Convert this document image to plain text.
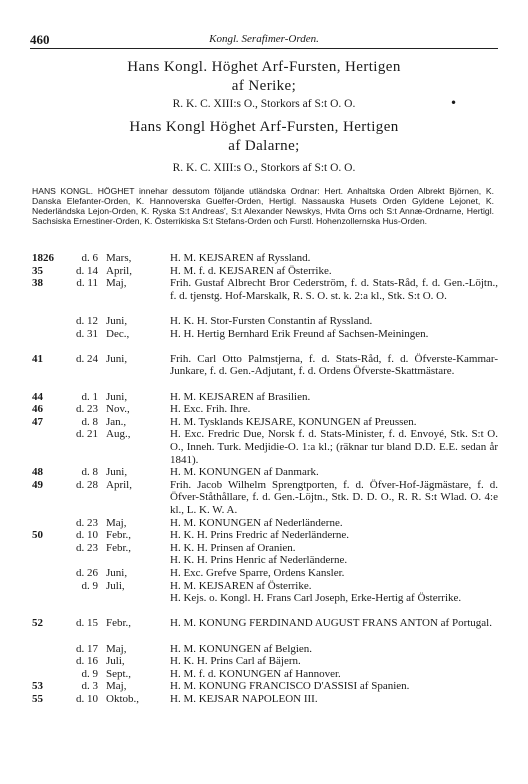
460	Kongl. Serafimer-Orden.
Hans Kongl. Höghet Arf-Fursten, Hertigen
af Nerike;
R. K. C. XIII:s O., Storkors af S:t O. O.	•
Hans Kongl Höghet Arf-Fursten, Hertigen
af Dalarne;
R. K. C. XIII:s O., Storkors af S:t O. O.
HANS KONGL. HÖGHET innehar dessutom följande utländska Ordnar: Hert. Anhaltska Orden Albrekt Björnen, K. Danska Elefanter-Orden, K. Hannoverska Guelfer-Orden, Hertigl. Nassauska Husets Orden Gyldene Lejonet, K. Nederländska Lejon-Orden, K. Ryska S:t Andreas', S:t Alexander Newskys, Hvita Örns och S:t Annæ-Ordnarne, Hertigl. Sachsiska Ernestiner-Orden, K. Österrikiska S:t Stefans-Orden och Furstl. Hohenzollernska Hus-Orden.
1826	d. 6 Mars,	H. M. KEJSAREN af Ryssland.
35	d. 14 April,	H. M. f. d. KEJSAREN af Österrike.
38	d. 11 Maj,	Frih. Gustaf Albrecht Bror Cederström, f. d. Stats-Råd, f. d. Gen.-Löjtn., f. d. tjenstg. Hof-Marskalk, R. S. O. st. k. 2:a kl., Stk. S:t O. O.
d. 12 Juni,	H. K. H. Stor-Fursten Constantin af Ryssland.
d. 31 Dec.,	H. H. Hertig Bernhard Erik Freund af Sachsen-Meiningen.
41	d. 24 Juni,	Frih. Carl Otto Palmstjerna, f. d. Stats-Råd, f. d. Öfverste-Kammar-Junkare, f. d. Gen.-Adjutant, f. d. Ordens Öfverste-Skattmästare.
44	d. 1 Juni,	H. M. KEJSAREN af Brasilien.
46	d. 23 Nov.,	H. Exc. Frih. Ihre.
47	d. 8 Jan.,	H. M. Tysklands KEJSARE, KONUNGEN af Preussen.
d. 21 Aug.,	H. Exc. Fredric Due, Norsk f. d. Stats-Minister, f. d. Envoyé, Stk. S:t O. O., Inneh. Turk. Medjidie-O. 1:a kl.; (räknar tur bland D.D. E.E. sedan år 1841).
48	d. 8 Juni,	H. M. KONUNGEN af Danmark.
49	d. 28 April,	Frih. Jacob Wilhelm Sprengtporten, f. d. Öfver-Hof-Jägmästare, f. d. Öfver-Ståthållare, f. d. Gen.-Löjtn., Stk. D. D. O., R. R. S:t Wlad. O. 4:e kl., L. K. W. A.
d. 23 Maj,	H. M. KONUNGEN af Nederländerne.
50	d. 10 Febr.,	H. K. H. Prins Fredric af Nederländerne.
d. 23 Febr.,	H. K. H. Prinsen af Oranien.
H. K. H. Prins Henric af Nederländerne.
d. 26 Juni,	H. Exc. Grefve Sparre, Ordens Kansler.
d. 9 Juli,	H. M. KEJSAREN af Österrike.
H. Kejs. o. Kongl. H. Frans Carl Joseph, Erke-Hertig af Österrike.
52	d. 15 Febr.,	H. M. KONUNG FERDINAND AUGUST FRANS ANTON af Portugal.
d. 17 Maj,	H. M. KONUNGEN af Belgien.
d. 16 Juli,	H. K. H. Prins Carl af Bäjern.
d. 9 Sept.,	H. M. f. d. KONUNGEN af Hannover.
53	d. 3 Maj,	H. M. KONUNG FRANCISCO D'ASSISI af Spanien.
55	d. 10 Oktob.,	H. M. KEJSAR NAPOLEON III.
